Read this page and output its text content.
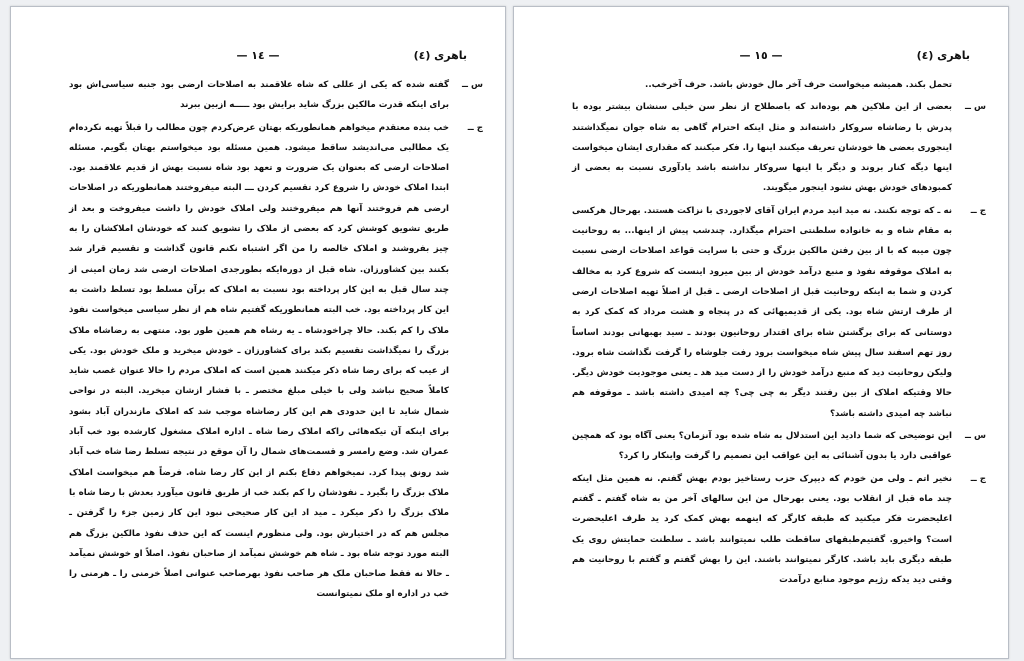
— ١٤ —	باهری (٤)
س ــ
گفته شده که یکی از عللی که شاه علاقمند به اصلاحات ارضی بود جنبه سیاسی‌اش بود برای اینکه قدرت مالکین بزرگ شاید برایش بود ـــــه ازبین ببرند
ج ــ
خب بنده معتقدم میخواهم همانطوریکه بهتان عرض‌کردم چون مطالب را قبلاً تهیه نکرده‌ام یک مطالبی می‌اندیشد ساقط میشود. همین مسئله بود میخواستم بهتان بگویم. مسئله اصلاحات ارضی که بعنوان یک ضرورت و تعهد بود شاه نسبت بهش از قدیم علاقمند بود. ابتدا املاک خودش را شروع کرد تقسیم کردن ـــ البته میفروختند همانطوریکه در اصلاحات ارضی هم فروختند آنها هم میفروختند ولی املاک خودش را داشت میفروخت و بعد از طریق تشویق کوشش کرد که بعضی از ملاک را تشویق کنند که خودشان املاکشان را به چیز بفروشند و املاک خالصه را من اگر اشتباه نکنم قانون گذاشت و تقسیم قرار شد بکنند بین کشاورزان. شاه قبل از دوره‌ایکه بطورجدی اصلاحات ارضی شد زمان امینی از چند سال قبل به این کار پرداخته بود نسبت به املاک که برآن مسلط بود تسلط داشت به این کار پرداخته بود. خب البته همانطوریکه گفتیم شاه هم از نظر سیاسی میخواست نفوذ ملاک را کم بکند. حالا چراخودشاه ـ یه رشاه هم همین طور بود. منتهی به رضاشاه ملاک بزرگ را نمیگذاشت تقسیم بکند برای کشاورزان ـ خودش میخرید و ملک خودش بود. یکی از عیب که برای رضا شاه ذکر میکنند همین است که املاک مردم را حالا عنوان غصب شاید کاملاً صحیح نباشد ولی با خیلی مبلغ مختصر ـ با فشار ازشان میخرید. البته در نواحی شمال شاید تا این حدودی هم این کار رضاشاه موجب شد که املاک مازندران آباد بشود برای اینکه آن تیکه‌هائی راکه املاک رضا شاه ـ اداره املاک مشغول کارشده بود خب آباد عمران شد. وضع رامسر و قسمت‌های شمال را آن موقع در نتیجه تسلط رضا شاه خب آباد شد رونق پیدا کرد. نمیخواهم دفاع بکنم از این کار رضا شاه. فرضاً هم میخواست املاک ملاک بزرگ را بگیرد ـ نفوذشان را کم بکند خب از طریق قانون میآورد بعدش با رضا شاه با ملاک بزرگ را ذکر میکرد ـ مید اد این کار صحیحی نبود این کار زمین جزء را گرفتن ـ مجلس هم که در اختیارش بود. ولی منظورم اینست که این حذف نفوذ مالکین بزرگ هم البته مورد توجه شاه بود ـ شاه هم خوشش نمیآمد از صاحبان نفوذ. اصلاً او خوشش نمیآمد ـ حالا نه فقط صاحبان ملک هر صاحب نفوذ بهرصاحب عنوانی اصلاً خرمنی را ـ هرمنی را خب در اداره او ملک نمیتوانست
— ١٥ —	باهری (٤)
تحمل بکند. همیشه میخواست حرف آخر مال خودش باشد. حرف آخرخب..
س ــ
بعضی از این ملاکین هم بوده‌اند که باصطلاح از نظر سن خیلی سنشان بیشتر بوده با پدرش با رضاشاه سروکار داشته‌اند و مثل اینکه احترام گاهی به شاه جوان نمیگذاشتند اینجوری بعضی ها خودشان تعریف میکنند اینها را. فکر میکنند که مقداری ایشان میخواست اینها دیگه کنار بروند و دیگر با اینها سروکار نداشته باشد یادآوری نسبت به بعضی از کمبودهای خودش بهش نشود اینجور میگویند.
ج ــ
نه ـ که توجه نکنند. نه مید انید مردم ایران آقای لاجوردی با نزاکت هستند. بهرحال هرکسی به مقام شاه و به خانواده سلطنتی احترام میگذارد. چندشب پیش از اینها... به روحانیت چون میبه که با از بین رفتن مالکین بزرگ و حتی با سرایت قواعد اصلاحات ارضی نسبت به املاک موقوفه نفوذ و منبع درآمد خودش از بین میرود اینست که شروع کرد به مخالف کردن و شما به اینکه روحانیت قبل از اصلاحات ارضی ـ قبل از اصلاً تهیه اصلاحات ارضی از طرف ارتش شاه بود. یکی از قدیمیهائی که در پنجاه و هشت مرداد که کمک کرد به دوستانی که برای برگشتن شاه برای اقتدار روحانیون بودند ـ سید بهبهانی بودند اساساً روز تهم اسفند سال پیش شاه میخواست برود رفت جلوشاه را گرفت نگذاشت شاه برود. ولیکن روحانیت دید که منبع درآمد خودش را از دست مید هد ـ یعنی موجودیت خودش دیگر. حالا وقتیکه املاک از بین رفتند دیگر به چی چی؟ چه امیدی داشته باشد ـ موقوفه هم نباشد چه امیدی داشته باشد؟
س ــ
این توضیحی که شما دادید این استدلال به شاه شده بود آنزمان؟ یعنی آگاه بود که همچین عواقبی دارد یا بدون آشنائی به این عواقب این تصمیم را گرفت واینکار را کرد؟
ج ــ
نخیر اتم ـ ولی من خودم که دیپرک حزب رستاخیز بودم بهش گفتم. نه همین مثل اینکه چند ماه قبل از انقلاب بود. یعنی بهرحال من این سالهای آخر من به شاه گفتم ـ گفتم اعلیحضرت فکر میکنید که طبقه کارگر که اینهمه بهش کمک کرد ید طرف اعلیحضرت است؟ واخیرو. گفتیم‌طبقهای ساقطت طلب نمیتوانند باشد ـ سلطنت حمایتش روی یک طبقه دیگری باید باشد. کارگر نمیتوانند باشند. این را بهش گفتم و گفتم با روحانیت هم وقتی دید یدکه رژیم موجود منابع درآمدت
